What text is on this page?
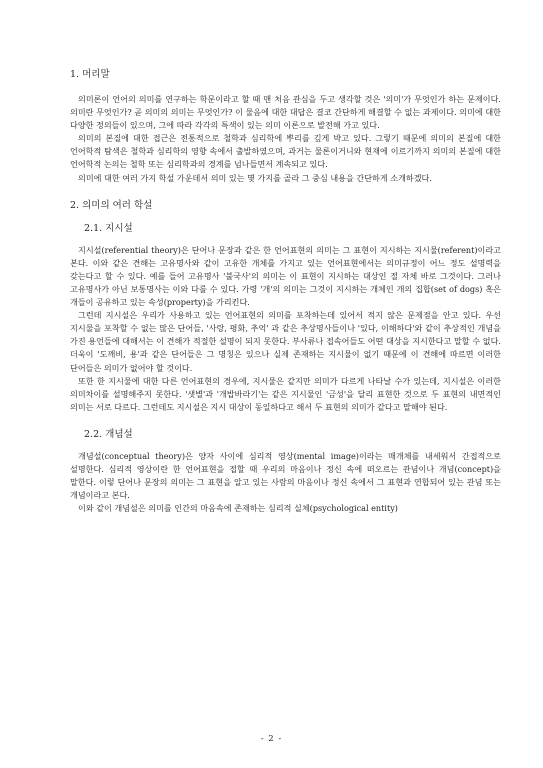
1. 머리말

의미론이 언어의 의미를 연구하는 학문이라고 할 때 맨 처음 관심을 두고 생각할 것은 '의미'가 무엇인가 하는 문제이다. 의미란 무엇인가? 곧 의미의 의미는 무엇인가? 이 물음에 대한 대답은 결코 간단하게 해결할 수 없는 과제이다. 의미에 대한 다양한 정의들이 있으며, 그에 따라 각각의 특색이 있는 의미 이론으로 발전해 가고 있다.

의미의 본질에 대한 접근은 전통적으로 철학과 심리학에 뿌리를 깊게 박고 있다. 그렇기 때문에 의미의 본질에 대한 언어학적 탐색은 철학과 심리학의 영향 속에서 출발하였으며, 과거는 물론이거니와 현재에 이르기까지 의미의 본질에 대한 언어학적 논의는 철학 또는 심리학과의 경계를 넘나들면서 계속되고 있다.

의미에 대한 여러 가지 학설 가운데서 의미 있는 몇 가지를 골라 그 중심 내용을 간단하게 소개하겠다.

2. 의미의 여러 학설
2.1. 지시설

지시설(referential theory)은 단어나 문장과 같은 한 언어표현의 의미는 그 표현이 지시하는 지시물(referent)이라고 본다. 이와 같은 견해는 고유명사와 같이 고유한 개체를 가지고 있는 언어표현에서는 의미규정이 어느 정도 설명력을 갖는다고 할 수 있다. 예를 들어 고유명사 '불국사'의 의미는 이 표현이 지시하는 대상인 절 자체 바로 그것이다. 그러나 고유명사가 아닌 보통명사는 이와 다를 수 있다. 가령 '개'의 의미는 그것이 지시하는 개체인 개의 집합(set of dogs) 혹은 개들이 공유하고 있는 속성(property)을 가리킨다.

그런데 지시설은 우리가 사용하고 있는 언어표현의 의미를 포착하는데 있어서 적지 않은 문제점을 안고 있다. 우선 지시물을 포착할 수 없는 많은 단어들, '사랑, 평화, 추억' 과 같은 추상명사들이나 '있다, 이해하다'와 같이 추상적인 개념을 가진 용언들에 대해서는 이 견해가 적절한 설명이 되지 못한다. 부사류나 접속어들도 어떤 대상을 지시한다고 말할 수 없다. 더욱이 '도깨비, 용'과 같은 단어들은 그 명칭은 있으나 실제 존재하는 지시물이 없기 때문에 이 견해에 따르면 이러한 단어들은 의미가 없어야 할 것이다.

또한 한 지시물에 대한 다른 언어표현의 경우에, 지시물은 같지만 의미가 다르게 나타날 수가 있는데, 지시설은 이러한 의미차이를 설명해주지 못한다. '샛별'과 '개밥바라기'는 같은 지시물인 '금성'을 달리 표현한 것으로 두 표현의 내면적인 의미는 서로 다르다. 그런데도 지시설은 지시 대상이 동일하다고 해서 두 표현의 의미가 같다고 말해야 된다.

2.2. 개념설

개념설(conceptual theory)은 양자 사이에 심리적 영상(mental image)이라는 매개체를 내세워서 간접적으로 설명한다. 심리적 영상이란 한 언어표현을 접할 때 우리의 마음이나 정신 속에 떠오르는 관념이나 개념(concept)을 말한다. 이렇 단어나 문장의 의미는 그 표현을 알고 있는 사람의 마음이나 정신 속에서 그 표현과 연합되어 있는 관념 또는 개념이라고 본다.

이와 같이 개념설은 의미를 인간의 마음속에 존재하는 심리적 실체(psychological entity)

- 2 -
